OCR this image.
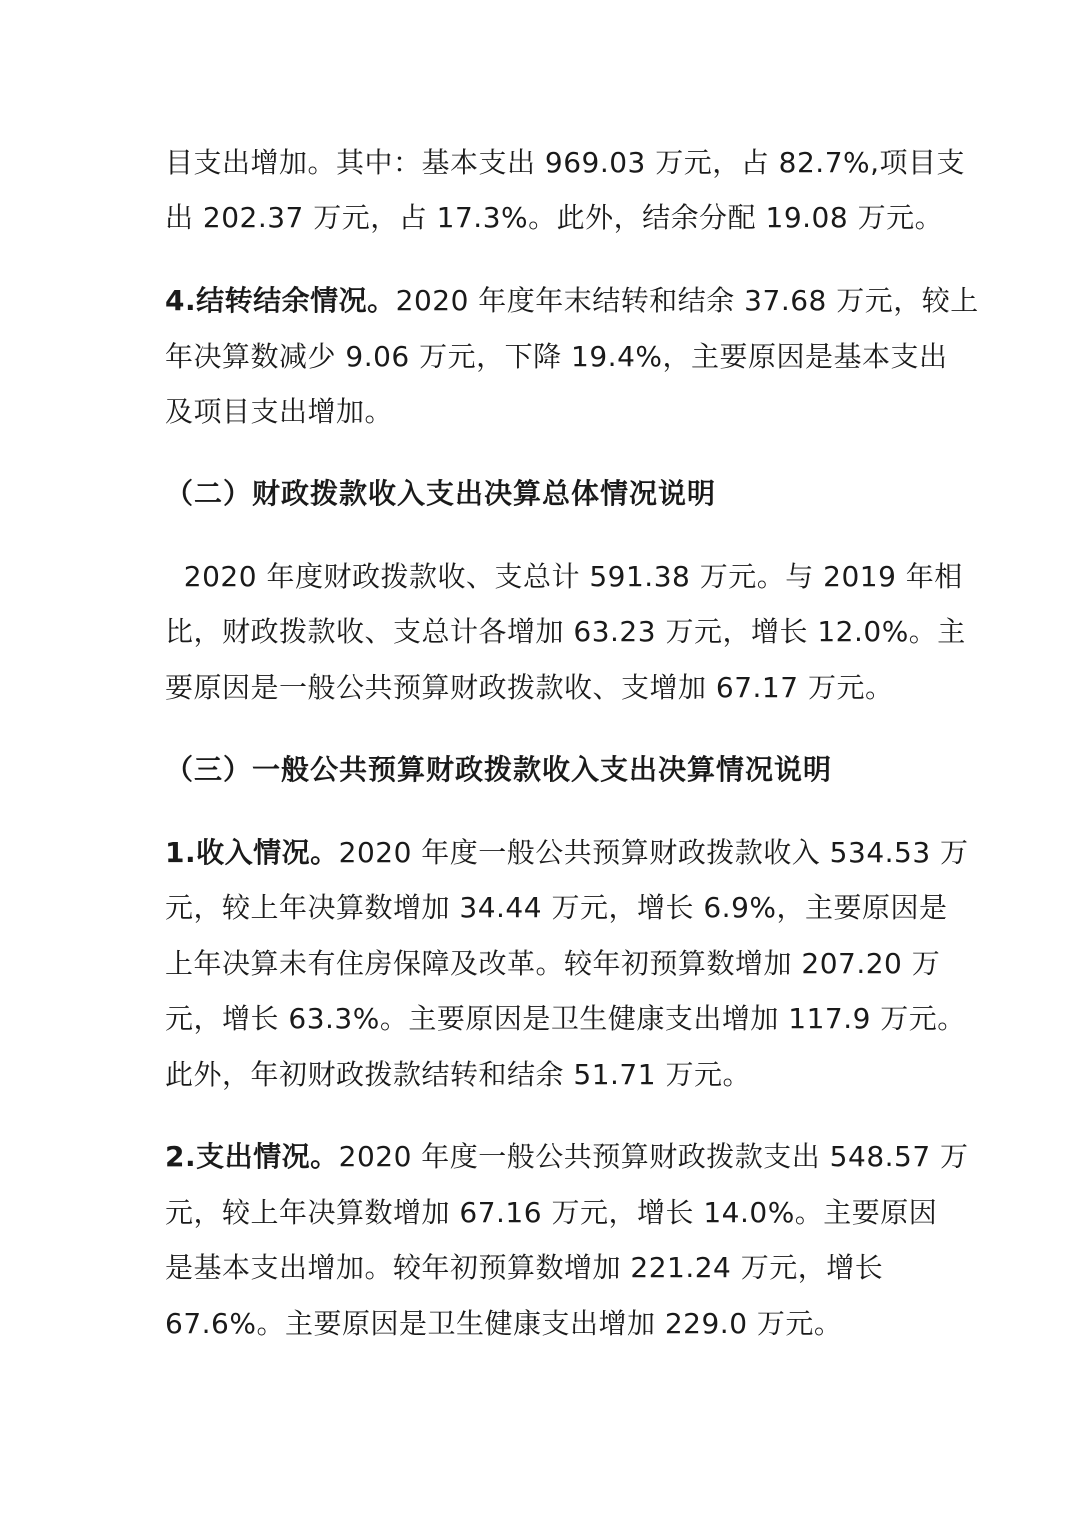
目支出增加。其中：基本支出 969.03 万元，占 82.7%,项目支

出 202.37 万元，占 17.3%。此外，结余分配 19.08 万元。

4.结转结余情况。2020 年度年末结转和结余 37.68 万元，较上

年决算数减少 9.06 万元，下降 19.4%，主要原因是基本支出

及项目支出增加。

（二）财政拨款收入支出决算总体情况说明

2020 年度财政拨款收、支总计 591.38 万元。与 2019 年相

比，财政拨款收、支总计各增加 63.23 万元，增长 12.0%。主

要原因是一般公共预算财政拨款收、支增加 67.17 万元。

（三）一般公共预算财政拨款收入支出决算情况说明

1.收入情况。2020 年度一般公共预算财政拨款收入 534.53 万

元，较上年决算数增加 34.44 万元，增长 6.9%，主要原因是

上年决算未有住房保障及改革。较年初预算数增加 207.20 万

元，增长 63.3%。主要原因是卫生健康支出增加 117.9 万元。

此外，年初财政拨款结转和结余 51.71 万元。

2.支出情况。2020 年度一般公共预算财政拨款支出 548.57 万

元，较上年决算数增加 67.16 万元，增长 14.0%。主要原因

是基本支出增加。较年初预算数增加 221.24 万元，增长

67.6%。主要原因是卫生健康支出增加 229.0 万元。
